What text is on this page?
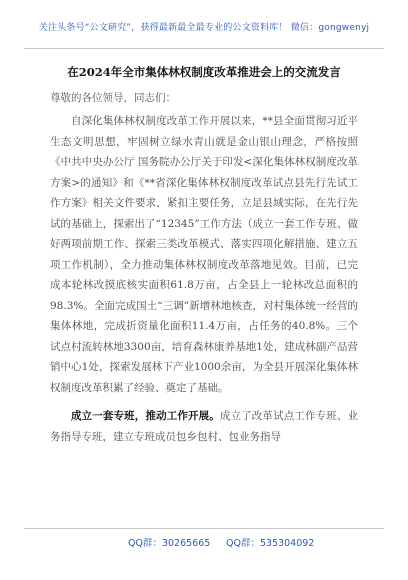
关注头条号“公文研究”，获得最新最全最专业的公文资料库！ 微信：gongwenyj
在2024年全市集体林权制度改革推进会上的交流发言
尊敬的各位领导，同志们：

自深化集体林权制度改革工作开展以来，**县全面贯彻习近平生态文明思想，牢固树立绿水青山就是金山银山理念，严格按照《中共中央办公厅 国务院办公厅关于印发<深化集体林权制度改革方案>的通知》和《**省深化集体林权制度改革试点县先行先试工作方案》相关文件要求，紧扣主要任务，立足县域实际，在先行先试的基础上，探索出了“12345”工作方法（成立一套工作专班、做好两项前期工作、探索三类改革模式、落实四项化解措施、建立五项工作机制），全力推动集体林权制度改革落地见效。目前，已完成本轮林改摸底核实面积61.8万亩，占全县上一轮林改总面积的98.3%。全面完成国土“三调”新增林地核查，对村集体统一经营的集体林地，完成折资量化面积11.4万亩，占任务的40.8%。三个试点村流转林地3300亩，培育森林康养基地1处，建成林副产品营销中心1处，探索发展林下产业1000余亩，为全县开展深化集体林权制度改革积累了经验、奠定了基础。

成立一套专班，推动工作开展。成立了改革试点工作专班、业务指导专班，建立专班成员包乡包村、包业务指导

QQ群：30265665 QQ群：535304092
